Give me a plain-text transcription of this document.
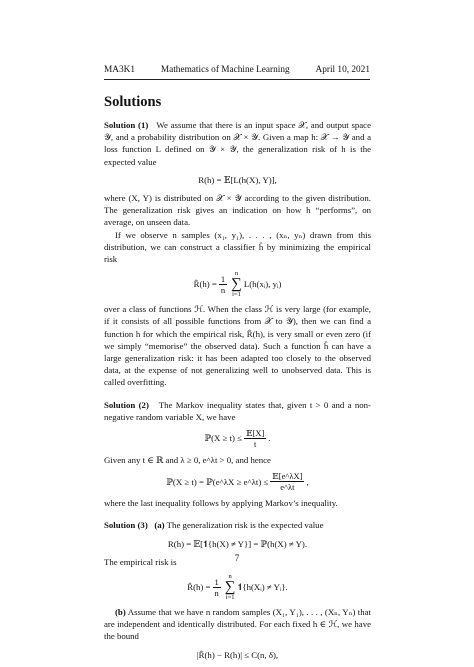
MA3K1	Mathematics of Machine Learning	April 10, 2021
Solutions

Solution (1) We assume that there is an input space 𝒳, and output space 𝒴, and a probability distribution on 𝒳 × 𝒴. Given a map h: 𝒳 → 𝒴 and a loss function L defined on 𝒴 × 𝒴, the generalization risk of h is the expected value

R(h) = 𝔼[L(h(X), Y)],

where (X, Y) is distributed on 𝒳 × 𝒴 according to the given distribution. The generalization risk gives an indication on how h “performs”, on average, on unseen data.

If we observe n samples (x₁, y₁), . . . , (xₙ, yₙ) drawn from this distribution, we can construct a classifier ĥ by minimizing the empirical risk

R̂(h) = $\frac{1}{n}$ n
∑
i=1
L(h(xᵢ), yᵢ)

over a class of functions ℋ. When the class ℋ is very large (for example, if it consists of all possible functions from 𝒳 to 𝒴), then we can find a function h for which the empirical risk, R̂(h), is very small or even zero (if we simply “memorise” the observed data). Such a function ĥ can have a large generalization risk: it has been adapted too closely to the observed data, at the expense of not generalizing well to unobserved data. This is called overfitting.

Solution (2) The Markov inequality states that, given t > 0 and a non-negative random variable X, we have

ℙ(X ≥ $t) \le \frac{\text{𝔼[X]}}{t}$ .

Given any t ∈ ℝ and λ ≥ 0, e^λt > 0, and hence

ℙ(X ≥ t) = ℙ(e^λX ≥ e^λt) ≤ $\frac{\text{𝔼[e\textasciicircum{}λX]}}{e\^{}\lambda t}$ ,

where the last inequality follows by applying Markov’s inequality.

Solution (3) (a) The generalization risk is the expected value

R(h) = 𝔼[𝟏{h(X) ≠ Y}] = ℙ(h(X) ≠ Y).

The empirical risk is

R̂(h) = $\frac{1}{n}$ n
∑
i=1
𝟏{h(Xᵢ) ≠ Yᵢ}.

(b) Assume that we have n random samples (X₁, Y₁), . . . , (Xₙ, Yₙ) that are independent and identically distributed. For each fixed h ∈ ℋ, we have the bound

|R̂(h) − R(h)| ≤ C(n, δ),
7
